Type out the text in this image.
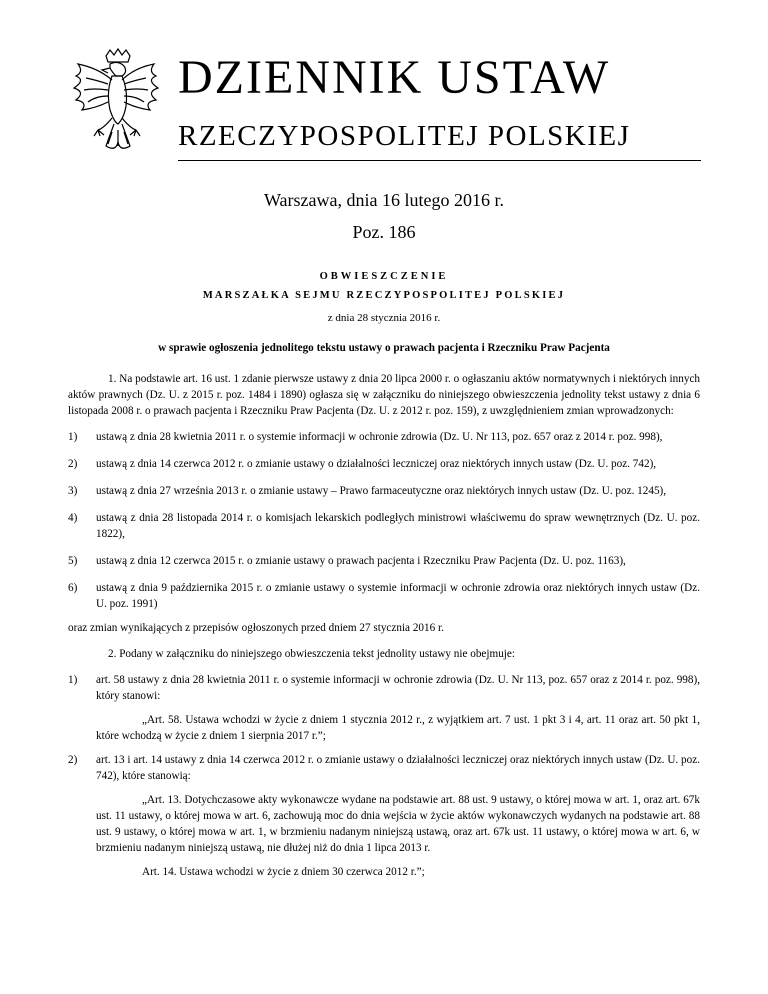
DZIENNIK USTAW
RZECZYPOSPOLITEJ POLSKIEJ
Warszawa, dnia 16 lutego 2016 r.
Poz. 186
OBWIESZCZENIE
MARSZAŁKA SEJMU RZECZYPOSPOLITEJ POLSKIEJ
z dnia 28 stycznia 2016 r.
w sprawie ogłoszenia jednolitego tekstu ustawy o prawach pacjenta i Rzeczniku Praw Pacjenta

1. Na podstawie art. 16 ust. 1 zdanie pierwsze ustawy z dnia 20 lipca 2000 r. o ogłaszaniu aktów normatywnych i niektórych innych aktów prawnych (Dz. U. z 2015 r. poz. 1484 i 1890) ogłasza się w załączniku do niniejszego obwieszczenia jednolity tekst ustawy z dnia 6 listopada 2008 r. o prawach pacjenta i Rzeczniku Praw Pacjenta (Dz. U. z 2012 r. poz. 159), z uwzględnieniem zmian wprowadzonych:

1)	ustawą z dnia 28 kwietnia 2011 r. o systemie informacji w ochronie zdrowia (Dz. U. Nr 113, poz. 657 oraz z 2014 r. poz. 998),
2)	ustawą z dnia 14 czerwca 2012 r. o zmianie ustawy o działalności leczniczej oraz niektórych innych ustaw (Dz. U. poz. 742),
3)	ustawą z dnia 27 września 2013 r. o zmianie ustawy – Prawo farmaceutyczne oraz niektórych innych ustaw (Dz. U. poz. 1245),
4)	ustawą z dnia 28 listopada 2014 r. o komisjach lekarskich podległych ministrowi właściwemu do spraw wewnętrznych (Dz. U. poz. 1822),
5)	ustawą z dnia 12 czerwca 2015 r. o zmianie ustawy o prawach pacjenta i Rzeczniku Praw Pacjenta (Dz. U. poz. 1163),
6)	ustawą z dnia 9 października 2015 r. o zmianie ustawy o systemie informacji w ochronie zdrowia oraz niektórych innych ustaw (Dz. U. poz. 1991)

oraz zmian wynikających z przepisów ogłoszonych przed dniem 27 stycznia 2016 r.

2. Podany w załączniku do niniejszego obwieszczenia tekst jednolity ustawy nie obejmuje:

1)	art. 58 ustawy z dnia 28 kwietnia 2011 r. o systemie informacji w ochronie zdrowia (Dz. U. Nr 113, poz. 657 oraz z 2014 r. poz. 998), który stanowi:

„Art. 58. Ustawa wchodzi w życie z dniem 1 stycznia 2012 r., z wyjątkiem art. 7 ust. 1 pkt 3 i 4, art. 11 oraz art. 50 pkt 1, które wchodzą w życie z dniem 1 sierpnia 2017 r.”;

2)	art. 13 i art. 14 ustawy z dnia 14 czerwca 2012 r. o zmianie ustawy o działalności leczniczej oraz niektórych innych ustaw (Dz. U. poz. 742), które stanowią:

„Art. 13. Dotychczasowe akty wykonawcze wydane na podstawie art. 88 ust. 9 ustawy, o której mowa w art. 1, oraz art. 67k ust. 11 ustawy, o której mowa w art. 6, zachowują moc do dnia wejścia w życie aktów wykonawczych wydanych na podstawie art. 88 ust. 9 ustawy, o której mowa w art. 1, w brzmieniu nadanym niniejszą ustawą, oraz art. 67k ust. 11 ustawy, o której mowa w art. 6, w brzmieniu nadanym niniejszą ustawą, nie dłużej niż do dnia 1 lipca 2013 r.

Art. 14. Ustawa wchodzi w życie z dniem 30 czerwca 2012 r.”;
